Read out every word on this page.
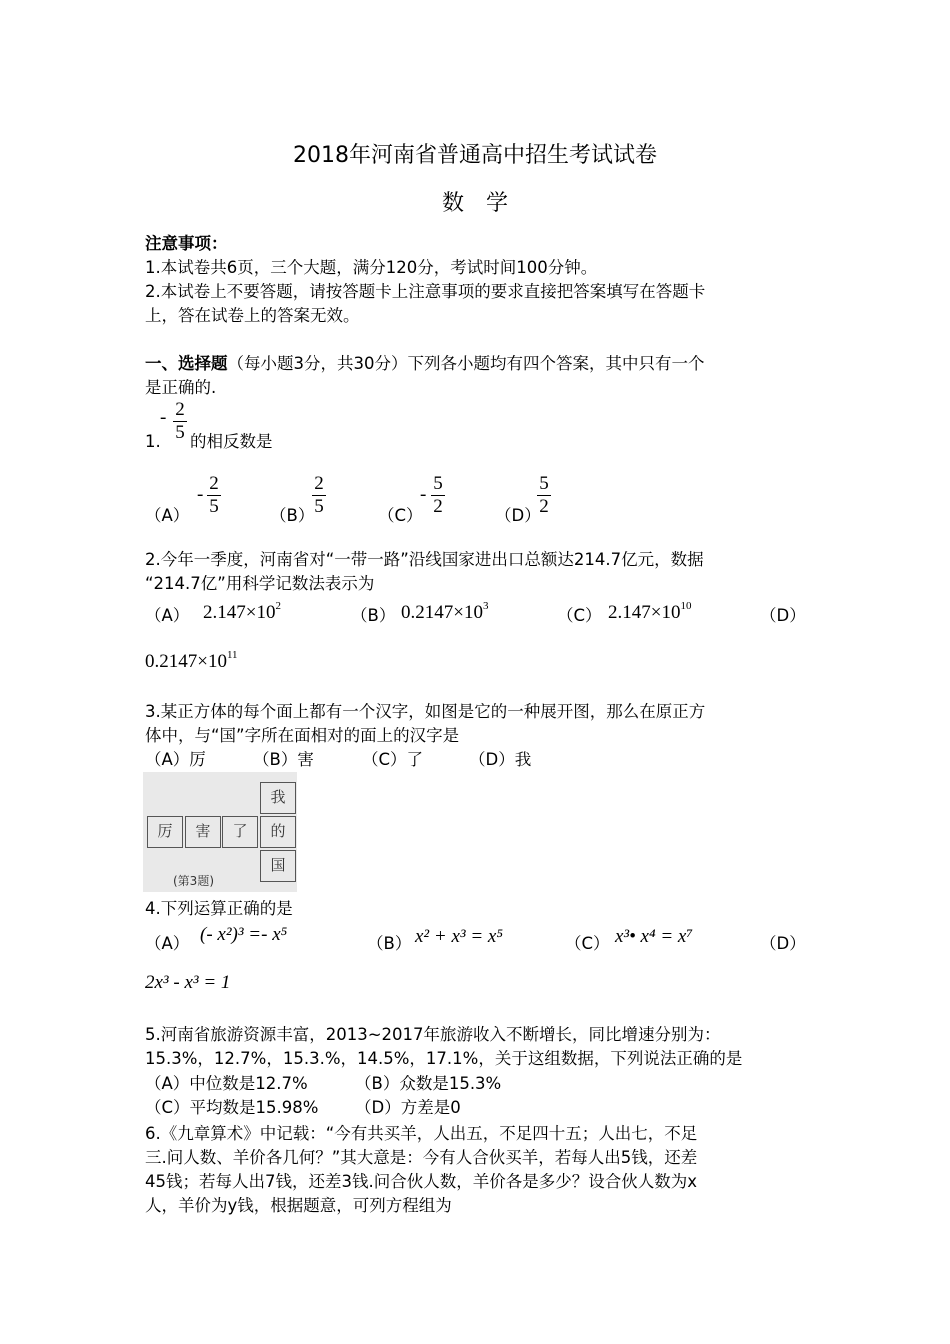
2018年河南省普通高中招生考试试卷
数学
注意事项：
1.本试卷共6页，三个大题，满分120分，考试时间100分钟。
2.本试卷上不要答题，请按答题卡上注意事项的要求直接把答案填写在答题卡
上，答在试卷上的答案无效。
一、选择题（每小题3分，共30分）下列各小题均有四个答案，其中只有一个
是正确的.
1.
- 2
5 的相反数是
（A）
-
2
5	（B）
2
5	（C）
-
5
2	（D）
5
2
2.今年一季度，河南省对“一带一路”沿线国家进出口总额达214.7亿元，数据
“214.7亿”用科学记数法表示为
（A） $2.147\times 10^2$	（B） $0.2147\times 10^3$	（C） $2.147\times 10^{10}$	（D）
$0.2147\times 10^{11}$
3.某正方体的每个面上都有一个汉字，如图是它的一种展开图，那么在原正方
体中，与“国”字所在面相对的面上的汉字是
（A）厉	（B）害	（C）了	（D）我
我
厉	害	了	的
国
(第3题)
4.下列运算正确的是
（A） (- x²)³ =- x⁵	（B） x² + x³ = x⁵	（C） x³• x⁴ = x⁷	（D）
2x³ - x³ = 1
5.河南省旅游资源丰富，2013~2017年旅游收入不断增长，同比增速分别为：
15.3%，12.7%，15.3.%，14.5%，17.1%，关于这组数据，下列说法正确的是
（A）中位数是12.7%	（B）众数是15.3%
（C）平均数是15.98% （D）方差是0
6.《九章算术》中记载：“今有共买羊，人出五，不足四十五；人出七，不足
三.问人数、羊价各几何？”其大意是：今有人合伙买羊，若每人出5钱，还差
45钱；若每人出7钱，还差3钱.问合伙人数，羊价各是多少？设合伙人数为x
人，羊价为y钱，根据题意，可列方程组为
